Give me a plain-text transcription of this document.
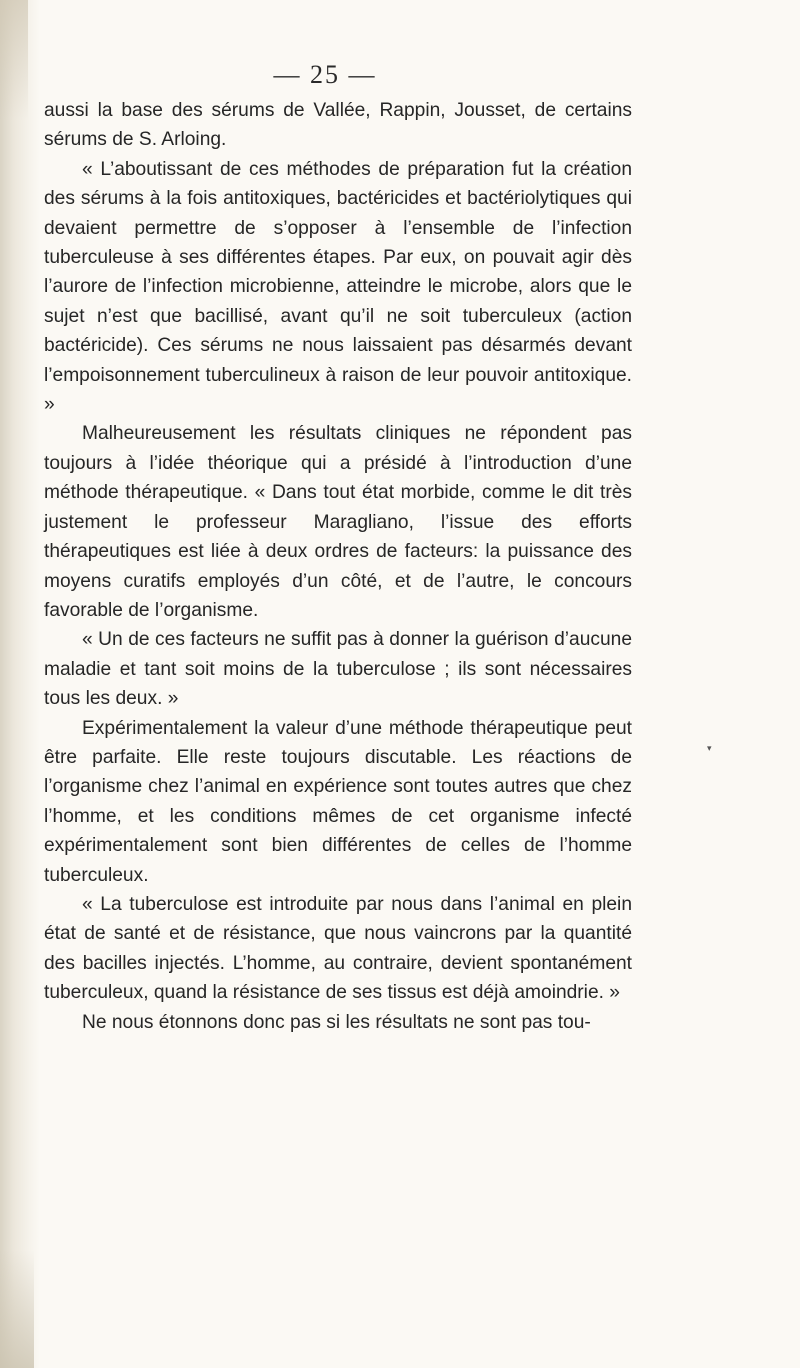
— 25 —

aussi la base des sérums de Vallée, Rappin, Jousset, de certains sérums de S. Arloing.

« L’aboutissant de ces méthodes de préparation fut la création des sérums à la fois antitoxiques, bactéricides et bactériolytiques qui devaient permettre de s’opposer à l’ensemble de l’infection tuberculeuse à ses différentes étapes. Par eux, on pouvait agir dès l’aurore de l’infection microbienne, atteindre le microbe, alors que le sujet n’est que bacillisé, avant qu’il ne soit tuberculeux (action bactéricide). Ces sérums ne nous laissaient pas désarmés devant l’empoisonnement tuberculineux à raison de leur pouvoir antitoxique. »

Malheureusement les résultats cliniques ne répondent pas toujours à l’idée théorique qui a présidé à l’introduction d’une méthode thérapeutique. « Dans tout état morbide, comme le dit très justement le professeur Maragliano, l’issue des efforts thérapeutiques est liée à deux ordres de facteurs: la puissance des moyens curatifs employés d’un côté, et de l’autre, le concours favorable de l’organisme.

« Un de ces facteurs ne suffit pas à donner la guérison d’aucune maladie et tant soit moins de la tuberculose ; ils sont nécessaires tous les deux. »

Expérimentalement la valeur d’une méthode thérapeutique peut être parfaite. Elle reste toujours discutable. Les réactions de l’organisme chez l’animal en expérience sont toutes autres que chez l’homme, et les conditions mêmes de cet organisme infecté expérimentalement sont bien différentes de celles de l’homme tuberculeux.

« La tuberculose est introduite par nous dans l’animal en plein état de santé et de résistance, que nous vaincrons par la quantité des bacilles injectés. L’homme, au contraire, devient spontanément tuberculeux, quand la résistance de ses tissus est déjà amoindrie. »

Ne nous étonnons donc pas si les résultats ne sont pas tou-

▾
